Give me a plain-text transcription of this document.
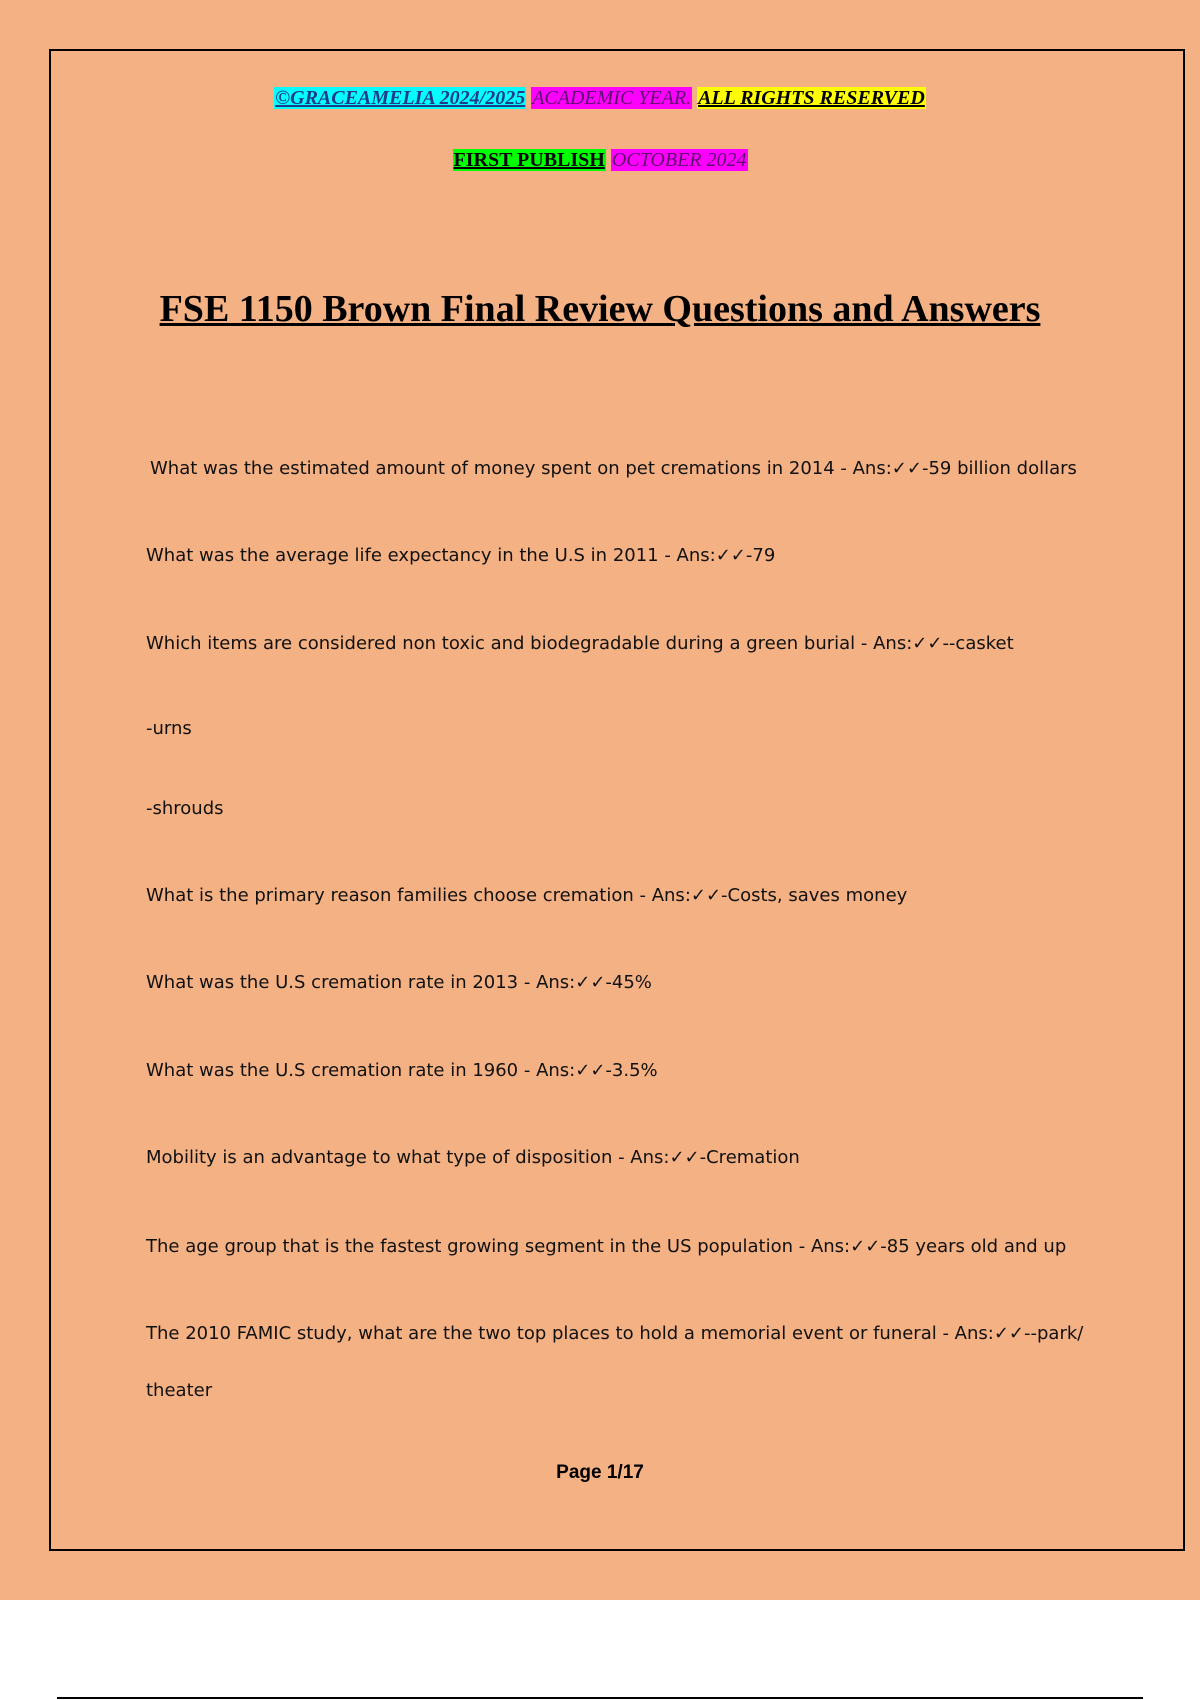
©GRACEAMELIA 2024/2025 ACADEMIC YEAR. ALL RIGHTS RESERVED
FIRST PUBLISH OCTOBER 2024
FSE 1150 Brown Final Review Questions and Answers
What was the estimated amount of money spent on pet cremations in 2014 - Ans:✓✓-59 billion dollars
What was the average life expectancy in the U.S in 2011 - Ans:✓✓-79
Which items are considered non toxic and biodegradable during a green burial - Ans:✓✓--casket
-urns
-shrouds
What is the primary reason families choose cremation - Ans:✓✓-Costs, saves money
What was the U.S cremation rate in 2013 - Ans:✓✓-45%
What was the U.S cremation rate in 1960 - Ans:✓✓-3.5%
Mobility is an advantage to what type of disposition - Ans:✓✓-Cremation
The age group that is the fastest growing segment in the US population - Ans:✓✓-85 years old and up
The 2010 FAMIC study, what are the two top places to hold a memorial event or funeral - Ans:✓✓--park/
theater
Page 1/17
